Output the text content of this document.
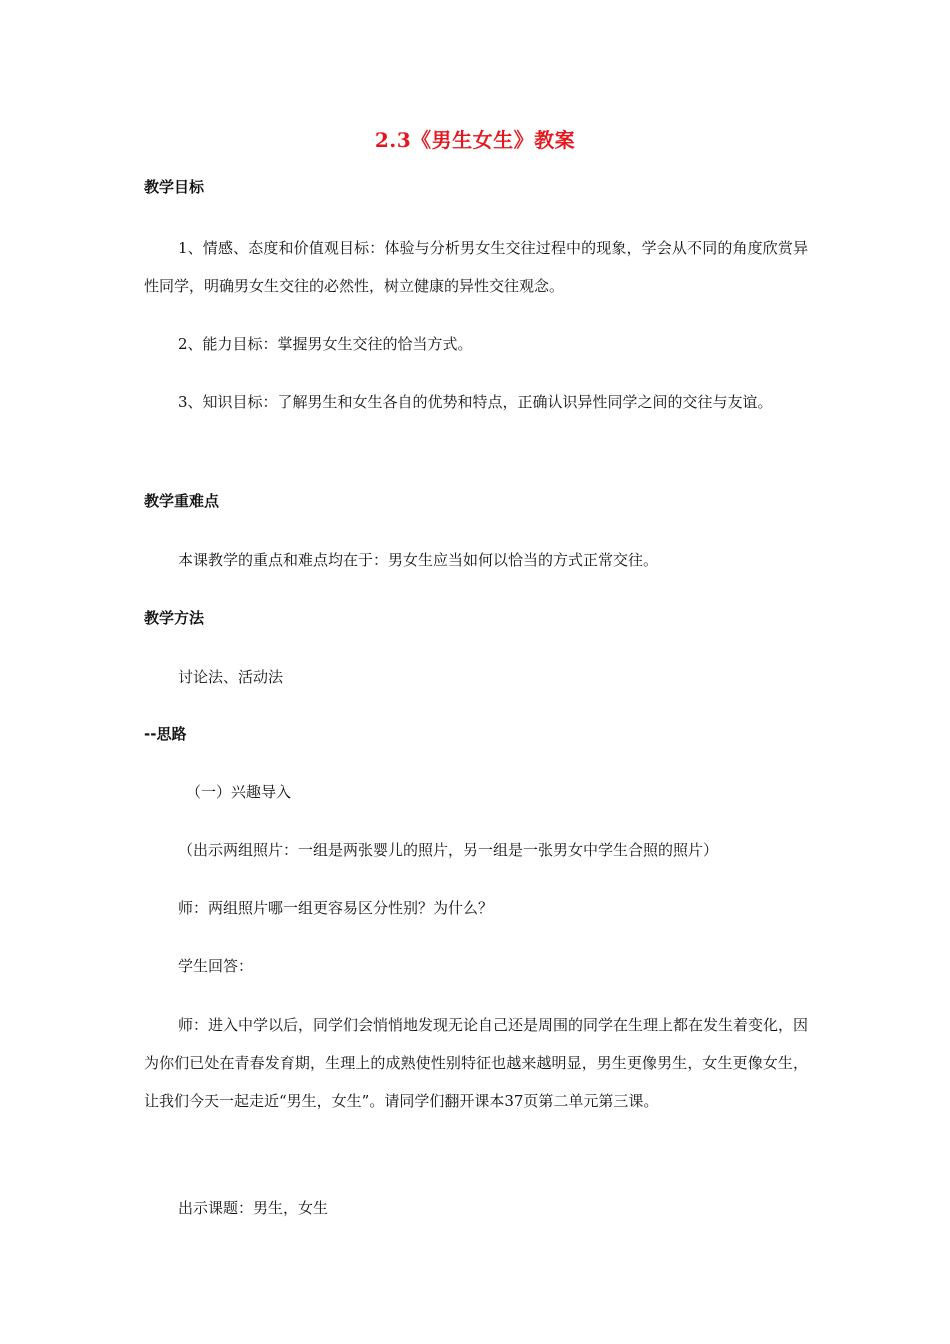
2.3《男生女生》教案
教学目标
1、情感、态度和价值观目标：体验与分析男女生交往过程中的现象，学会从不同的角度欣赏异性同学，明确男女生交往的必然性，树立健康的异性交往观念。
2、能力目标：掌握男女生交往的恰当方式。
3、知识目标：了解男生和女生各自的优势和特点，正确认识异性同学之间的交往与友谊。
教学重难点
本课教学的重点和难点均在于：男女生应当如何以恰当的方式正常交往。
教学方法
讨论法、活动法
--思路
（一）兴趣导入
（出示两组照片：一组是两张婴儿的照片，另一组是一张男女中学生合照的照片）
师：两组照片哪一组更容易区分性别？为什么？
学生回答：
师：进入中学以后，同学们会悄悄地发现无论自己还是周围的同学在生理上都在发生着变化，因为你们已处在青春发育期，生理上的成熟使性别特征也越来越明显，男生更像男生，女生更像女生，让我们今天一起走近“男生，女生”。请同学们翻开课本37页第二单元第三课。
出示课题：男生，女生
